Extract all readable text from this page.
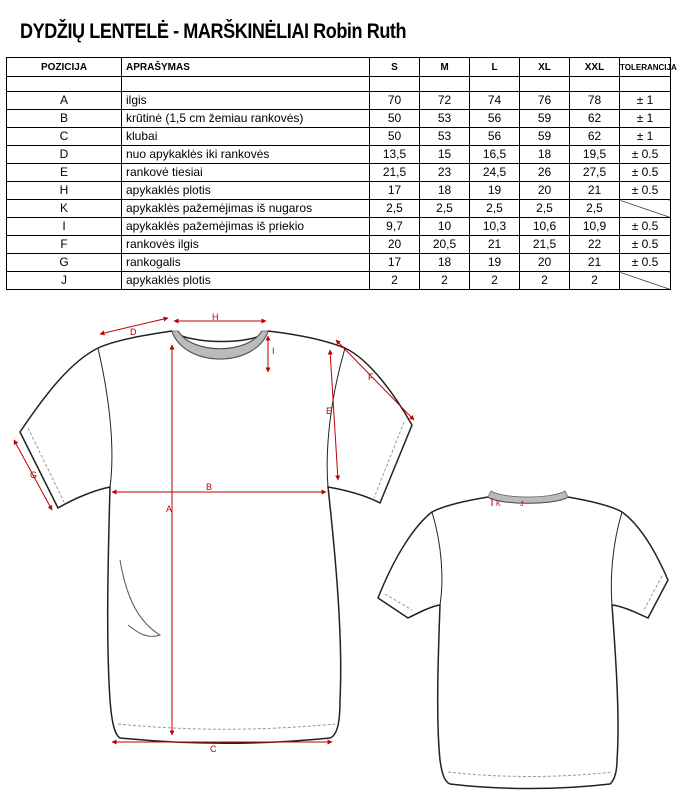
DYDŽIŲ LENTELĖ - MARŠKINĖLIAI Robin Ruth
POZICIJA	APRAŠYMAS	S	M	L	XL	XXL	TOLERANCIJA

A	ilgis	70	72	74	76	78	± 1
B	krūtinė (1,5 cm žemiau rankovės)	50	53	56	59	62	± 1
C	klubai	50	53	56	59	62	± 1
D	nuo apykaklės iki rankovės	13,5	15	16,5	18	19,5	± 0.5
E	rankovė tiesiai	21,5	23	24,5	26	27,5	± 0.5
H	apykaklės plotis	17	18	19	20	21	± 0.5
K	apykaklės pažemėjimas iš nugaros	2,5	2,5	2,5	2,5	2,5	
I	apykaklės pažemėjimas iš priekio	9,7	10	10,3	10,6	10,9	± 0.5
F	rankovės ilgis	20	20,5	21	21,5	22	± 0.5
G	rankogalis	17	18	19	20	21	± 0.5
J	apykaklės plotis	2	2	2	2	2	
A
B
C
D
H
I
E
F
G
K	J
